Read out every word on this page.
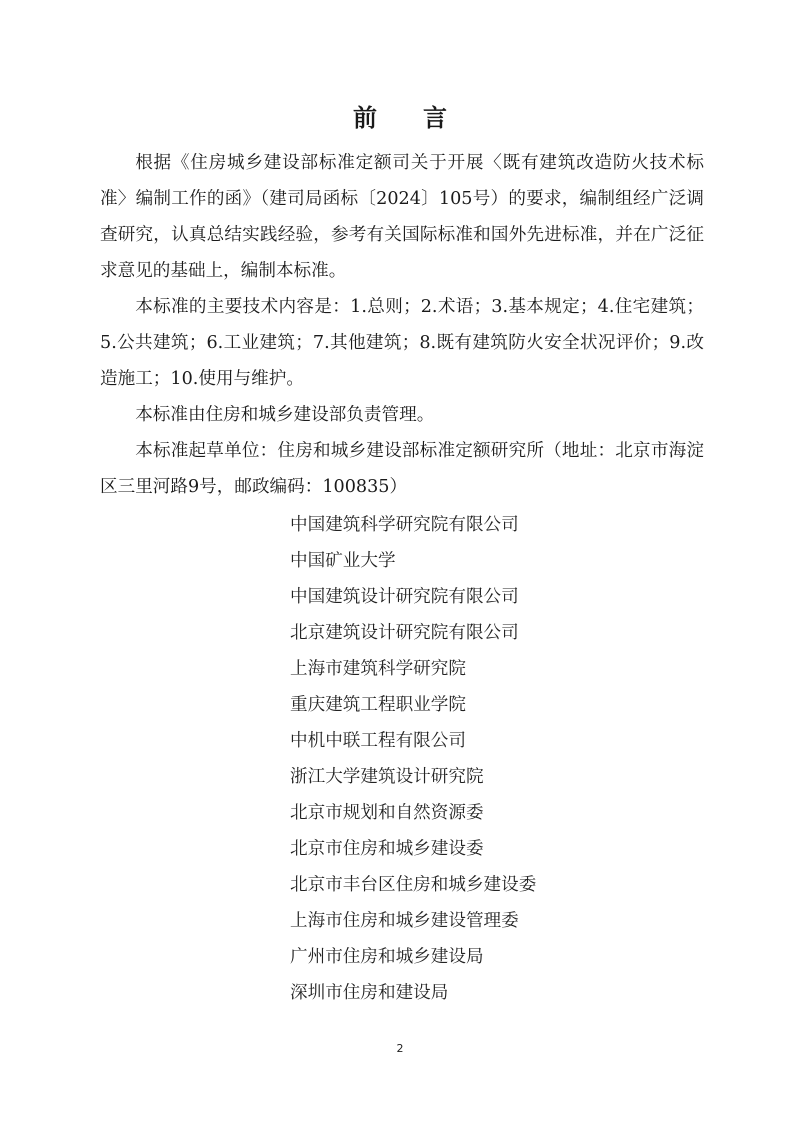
前言

根据《住房城乡建设部标准定额司关于开展〈既有建筑改造防火技术标准〉编制工作的函》（建司局函标〔2024〕105号）的要求，编制组经广泛调查研究，认真总结实践经验，参考有关国际标准和国外先进标准，并在广泛征求意见的基础上，编制本标准。

本标准的主要技术内容是：1.总则；2.术语；3.基本规定；4.住宅建筑；5.公共建筑；6.工业建筑；7.其他建筑；8.既有建筑防火安全状况评价；9.改造施工；10.使用与维护。

本标准由住房和城乡建设部负责管理。

本标准起草单位：住房和城乡建设部标准定额研究所（地址：北京市海淀区三里河路9号，邮政编码：100835）

中国建筑科学研究院有限公司
中国矿业大学
中国建筑设计研究院有限公司
北京建筑设计研究院有限公司
上海市建筑科学研究院
重庆建筑工程职业学院
中机中联工程有限公司
浙江大学建筑设计研究院
北京市规划和自然资源委
北京市住房和城乡建设委
北京市丰台区住房和城乡建设委
上海市住房和城乡建设管理委
广州市住房和城乡建设局
深圳市住房和建设局
2
